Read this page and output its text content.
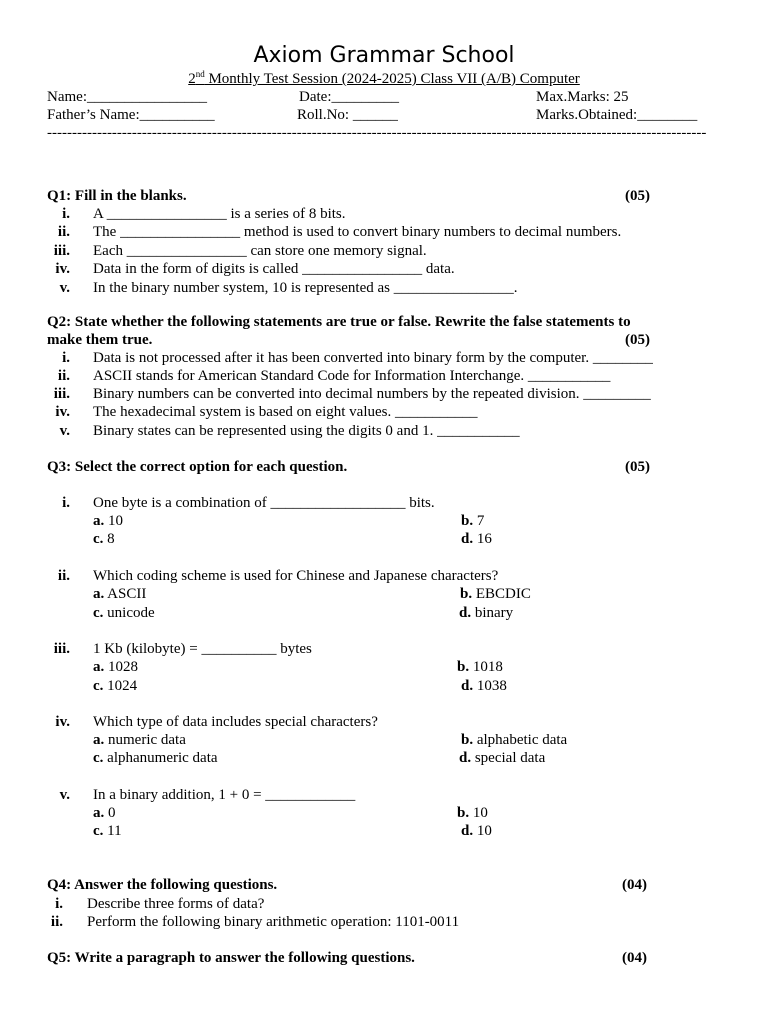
Axiom Grammar School
2nd Monthly Test Session (2024-2025) Class VII (A/B) Computer
Name:________________	Date:_________	Max.Marks: 25
Father’s Name:__________	Roll.No: ______	Marks.Obtained:________
------------------------------------------------------------------------------------------------------------------------------------
Q1: Fill in the blanks.	(05)
i. A ________________ is a series of 8 bits.
ii. The ________________ method is used to convert binary numbers to decimal numbers.
iii. Each ________________ can store one memory signal.
iv. Data in the form of digits is called ________________ data.
v. In the binary number system, 10 is represented as ________________.
Q2: State whether the following statements are true or false. Rewrite the false statements to
make them true.	(05)
i. Data is not processed after it has been converted into binary form by the computer. ________
ii. ASCII stands for American Standard Code for Information Interchange. ___________
iii. Binary numbers can be converted into decimal numbers by the repeated division. _________
iv. The hexadecimal system is based on eight values. ___________
v. Binary states can be represented using the digits 0 and 1. ___________
Q3: Select the correct option for each question.	(05)
i. One byte is a combination of __________________ bits.
a. 10	b. 7
c. 8	d. 16
ii. Which coding scheme is used for Chinese and Japanese characters?
a. ASCII	b. EBCDIC
c. unicode	d. binary
iii. 1 Kb (kilobyte) = __________ bytes
a. 1028	b. 1018
c. 1024	d. 1038
iv. Which type of data includes special characters?
a. numeric data	b. alphabetic data
c. alphanumeric data	d. special data
v. In a binary addition, 1 + 0 = ____________
a. 0	b. 10
c. 11	d. 10
Q4: Answer the following questions.	(04)
i. Describe three forms of data?
ii. Perform the following binary arithmetic operation: 1101-0011
Q5: Write a paragraph to answer the following questions.	(04)
